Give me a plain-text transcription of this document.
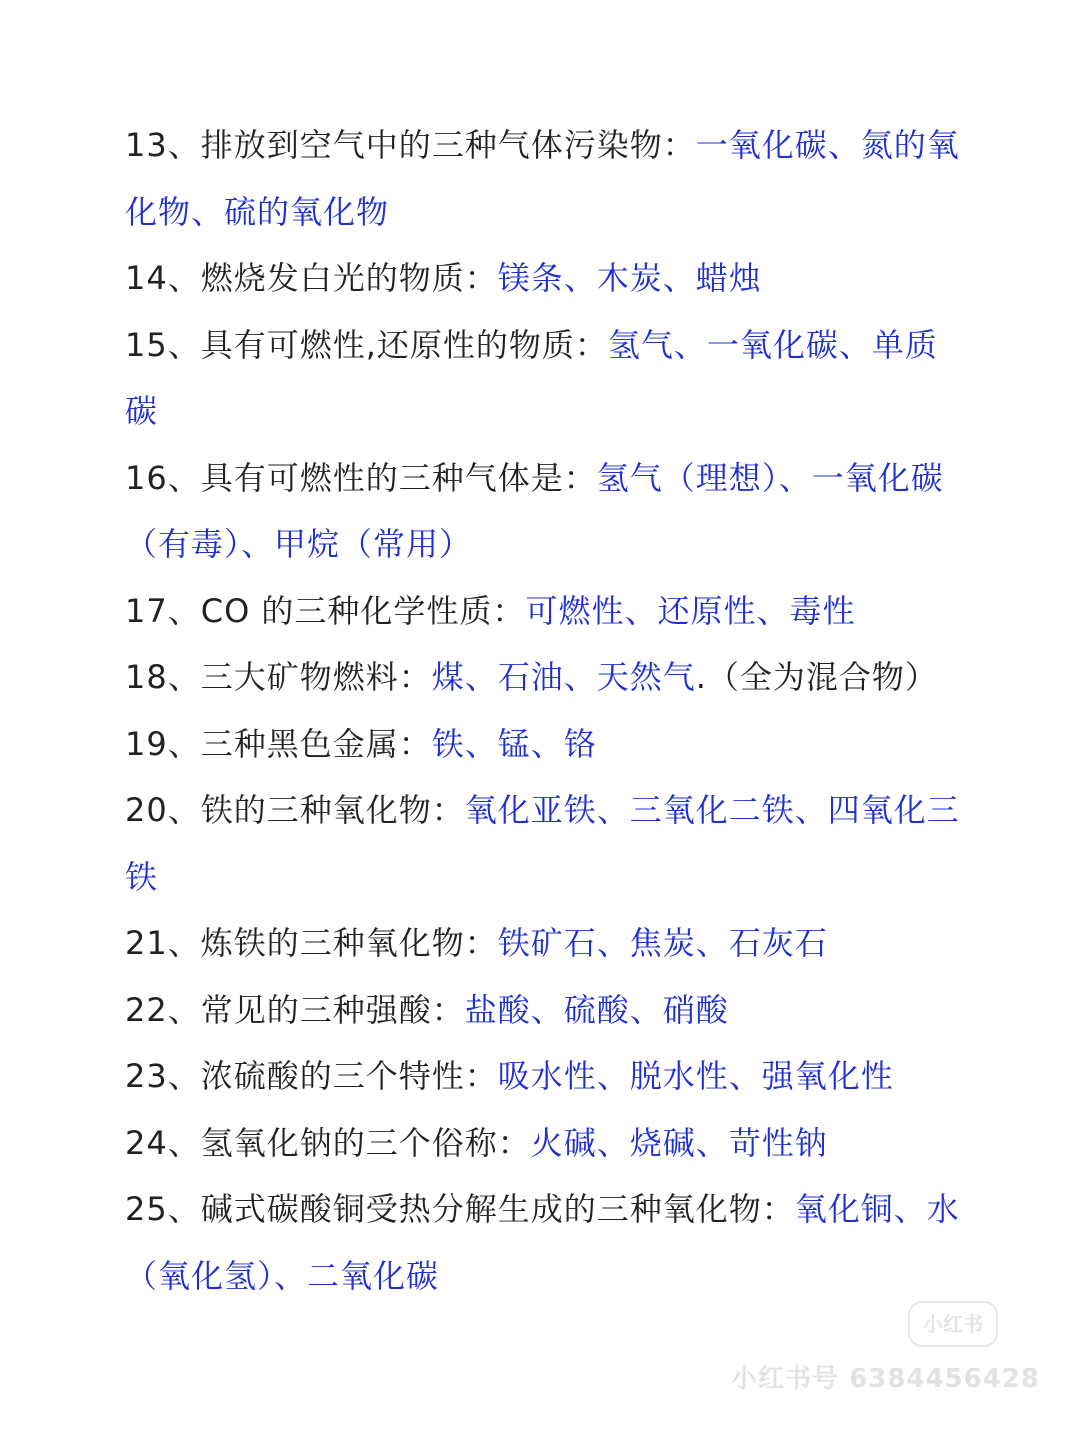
13、排放到空气中的三种气体污染物：一氧化碳、氮的氧化物、硫的氧化物
14、燃烧发白光的物质：镁条、木炭、蜡烛
15、具有可燃性,还原性的物质：氢气、一氧化碳、单质碳
16、具有可燃性的三种气体是：氢气（理想）、一氧化碳（有毒）、甲烷（常用）
17、CO 的三种化学性质：可燃性、还原性、毒性
18、三大矿物燃料：煤、石油、天然气.（全为混合物）
19、三种黑色金属：铁、锰、铬
20、铁的三种氧化物：氧化亚铁、三氧化二铁、四氧化三铁
21、炼铁的三种氧化物：铁矿石、焦炭、石灰石
22、常见的三种强酸：盐酸、硫酸、硝酸
23、浓硫酸的三个特性：吸水性、脱水性、强氧化性
24、氢氧化钠的三个俗称：火碱、烧碱、苛性钠
25、碱式碳酸铜受热分解生成的三种氧化物：氧化铜、水（氧化氢）、二氧化碳
小红书
小红书号 6384456428
